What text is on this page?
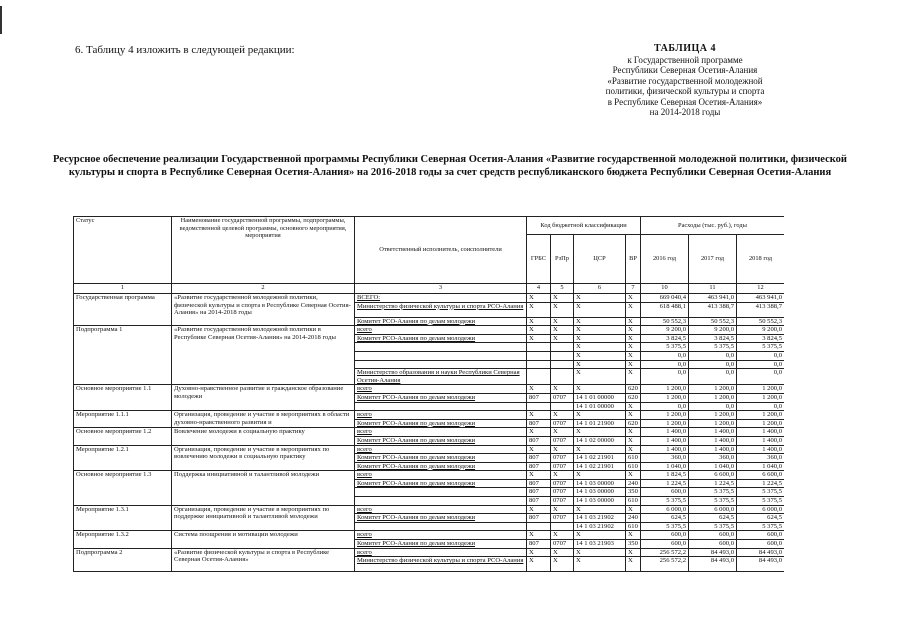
6. Таблицу 4 изложить в следующей редакции:	ТАБЛИЦА 4
к Государственной программе
Республики Северная Осетия-Алания
«Развитие государственной молодежной
политики, физической культуры и спорта
в Республике Северная Осетия-Алания»
на 2014-2018 годы
Ресурсное обеспечение реализации Государственной программы Республики Северная Осетия-Алания «Развитие государственной молодежной политики, физической культуры и спорта в Республике Северная Осетия-Алания» на 2016-2018 годы за счет средств республиканского бюджета Республики Северная Осетия-Алания
Статус	Наименование государственной программы, подпрограммы, ведомственной целевой программы, основного мероприятия, мероприятия	Ответственный исполнитель, соисполнители	Код бюджетной классификации				Расходы (тыс. руб.), годы		
			ГРБС	РзПр	ЦСР	ВР	2016 год	2017 год	2018 год
1	2	3	4	5	6	7	10	11	12
Государственная программа	«Развитие государственной молодежной политики, физической культуры и спорта в Республике Северная Осетия-Алания» на 2014-2018 годы	ВСЕГО:	X	X	X	X	669 040,4	463 941,0	463 941,0
		Министерство физической культуры и спорта РСО-Алания	X	X	X	X	618 488,1	413 388,7	413 388,7
		Комитет РСО-Алания по делам молодежи	X	X	X	X	50 552,3	50 552,3	50 552,3
Подпрограмма 1	«Развитие государственной молодежной политики в Республике Северная Осетия-Алания» на 2014-2018 годы	всего	X	X	X	X	9 200,0	9 200,0	9 200,0
		Комитет РСО-Алания по делам молодежи	X	X	X	X	3 824,5	3 824,5	3 824,5
					X	X	5 375,5	5 375,5	5 375,5
					X	X	0,0	0,0	0,0
					X	X	0,0	0,0	0,0
		Министерство образования и науки Республики Северная Осетия-Алания			X	X	0,0	0,0	0,0
Основное мероприятие 1.1	Духовно-нравственное развитие и гражданское образование молодежи	всего	X	X	X	620	1 200,0	1 200,0	1 200,0
		Комитет РСО-Алания по делам молодежи	807	0707	14 1 01 00000	620	1 200,0	1 200,0	1 200,0
					14 1 01 00000	X	0,0	0,0	0,0
Мероприятие 1.1.1	Организация, проведение и участие в мероприятиях в области духовно-нравственного развития и	всего	X	X	X	X	1 200,0	1 200,0	1 200,0
		Комитет РСО-Алания по делам молодежи	807	0707	14 1 01 21900	620	1 200,0	1 200,0	1 200,0
Основное мероприятие 1.2	Вовлечение молодежи в социальную практику	всего	X	X	X	X	1 400,0	1 400,0	1 400,0
		Комитет РСО-Алания по делам молодежи	807	0707	14 1 02 00000	X	1 400,0	1 400,0	1 400,0
Мероприятие 1.2.1	Организация, проведение и участие в мероприятиях по вовлечению молодежи в социальную практику	всего	X	X	X	X	1 400,0	1 400,0	1 400,0
		Комитет РСО-Алания по делам молодежи	807	0707	14 1 02 21901	610	360,0	360,0	360,0
		Комитет РСО-Алания по делам молодежи	807	0707	14 1 02 21901	610	1 040,0	1 040,0	1 040,0
Основное мероприятие 1.3	Поддержка инициативной и талантливой молодежи	всего	X	X	X	X	1 824,5	6 600,0	6 600,0
		Комитет РСО-Алания по делам молодежи	807	0707	14 1 03 00000	240	1 224,5	1 224,5	1 224,5
			807	0707	14 1 03 00000	350	600,0	5 375,5	5 375,5
			807	0707	14 1 03 00000	610	5 375,5	5 375,5	5 375,5
Мероприятие 1.3.1	Организация, проведение и участие в мероприятиях по поддержке инициативной и талантливой молодежи	всего	X	X	X	X	6 000,0	6 000,0	6 000,0
		Комитет РСО-Алания по делам молодежи	807	0707	14 1 03 21902	240	624,5	624,5	624,5
					14 1 03 21902	610	5 375,5	5 375,5	5 375,5
Мероприятие 1.3.2	Система поощрения и мотивации молодежи	всего	X	X	X	X	600,0	600,0	600,0
		Комитет РСО-Алания по делам молодежи	807	0707	14 1 03 21903	350	600,0	600,0	600,0
Подпрограмма 2	«Развитие физической культуры и спорта в Республике Северная Осетия-Алания»	всего	X	X	X	X	256 572,2	84 493,0	84 493,0
		Министерство физической культуры и спорта РСО-Алания	X	X	X	X	256 572,2	84 493,0	84 493,0
